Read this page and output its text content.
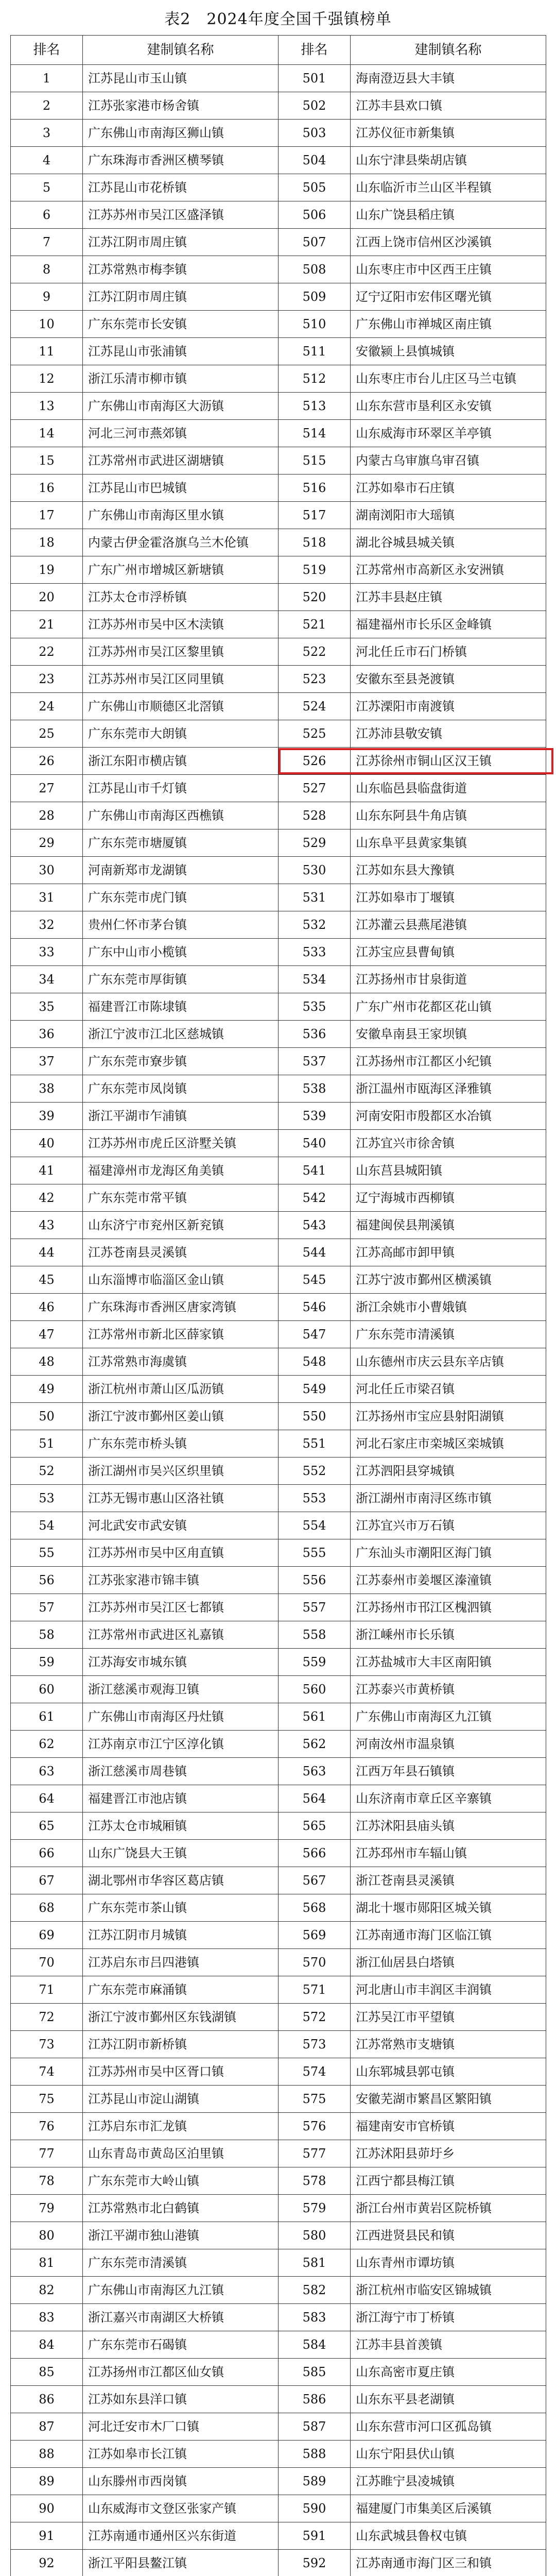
表2　2024年度全国千强镇榜单
排名	建制镇名称	排名	建制镇名称
1	江苏昆山市玉山镇	501	海南澄迈县大丰镇
2	江苏张家港市杨舍镇	502	江苏丰县欢口镇
3	广东佛山市南海区狮山镇	503	江苏仪征市新集镇
4	广东珠海市香洲区横琴镇	504	山东宁津县柴胡店镇
5	江苏昆山市花桥镇	505	山东临沂市兰山区半程镇
6	江苏苏州市吴江区盛泽镇	506	山东广饶县稻庄镇
7	江苏江阴市周庄镇	507	江西上饶市信州区沙溪镇
8	江苏常熟市梅李镇	508	山东枣庄市中区西王庄镇
9	江苏江阴市周庄镇	509	辽宁辽阳市宏伟区曙光镇
10	广东东莞市长安镇	510	广东佛山市禅城区南庄镇
11	江苏昆山市张浦镇	511	安徽颍上县慎城镇
12	浙江乐清市柳市镇	512	山东枣庄市台儿庄区马兰屯镇
13	广东佛山市南海区大沥镇	513	山东东营市垦利区永安镇
14	河北三河市燕郊镇	514	山东威海市环翠区羊亭镇
15	江苏常州市武进区湖塘镇	515	内蒙古乌审旗乌审召镇
16	江苏昆山市巴城镇	516	江苏如皋市石庄镇
17	广东佛山市南海区里水镇	517	湖南浏阳市大瑶镇
18	内蒙古伊金霍洛旗乌兰木伦镇	518	湖北谷城县城关镇
19	广东广州市增城区新塘镇	519	江苏常州市高新区永安洲镇
20	江苏太仓市浮桥镇	520	江苏丰县赵庄镇
21	江苏苏州市吴中区木渎镇	521	福建福州市长乐区金峰镇
22	江苏苏州市吴江区黎里镇	522	河北任丘市石门桥镇
23	江苏苏州市吴江区同里镇	523	安徽东至县尧渡镇
24	广东佛山市顺德区北滘镇	524	江苏溧阳市南渡镇
25	广东东莞市大朗镇	525	江苏沛县敬安镇
26	浙江东阳市横店镇	526	江苏徐州市铜山区汉王镇
27	江苏昆山市千灯镇	527	山东临邑县临盘街道
28	广东佛山市南海区西樵镇	528	山东东阿县牛角店镇
29	广东东莞市塘厦镇	529	山东阜平县黄家集镇
30	河南新郑市龙湖镇	530	江苏如东县大豫镇
31	广东东莞市虎门镇	531	江苏如皋市丁堰镇
32	贵州仁怀市茅台镇	532	江苏灌云县燕尾港镇
33	广东中山市小榄镇	533	江苏宝应县曹甸镇
34	广东东莞市厚街镇	534	江苏扬州市甘泉街道
35	福建晋江市陈埭镇	535	广东广州市花都区花山镇
36	浙江宁波市江北区慈城镇	536	安徽阜南县王家坝镇
37	广东东莞市寮步镇	537	江苏扬州市江都区小纪镇
38	广东东莞市凤岗镇	538	浙江温州市瓯海区泽雅镇
39	浙江平湖市乍浦镇	539	河南安阳市殷都区水冶镇
40	江苏苏州市虎丘区浒墅关镇	540	江苏宜兴市徐舍镇
41	福建漳州市龙海区角美镇	541	山东莒县城阳镇
42	广东东莞市常平镇	542	辽宁海城市西柳镇
43	山东济宁市兖州区新兖镇	543	福建闽侯县荆溪镇
44	江苏苍南县灵溪镇	544	江苏高邮市卸甲镇
45	山东淄博市临淄区金山镇	545	江苏宁波市鄞州区横溪镇
46	广东珠海市香洲区唐家湾镇	546	浙江余姚市小曹娥镇
47	江苏常州市新北区薛家镇	547	广东东莞市清溪镇
48	江苏常熟市海虞镇	548	山东德州市庆云县东辛店镇
49	浙江杭州市萧山区瓜沥镇	549	河北任丘市梁召镇
50	浙江宁波市鄞州区姜山镇	550	江苏扬州市宝应县射阳湖镇
51	广东东莞市桥头镇	551	河北石家庄市栾城区栾城镇
52	浙江湖州市吴兴区织里镇	552	江苏泗阳县穿城镇
53	江苏无锡市惠山区洛社镇	553	浙江湖州市南浔区练市镇
54	河北武安市武安镇	554	江苏宜兴市万石镇
55	江苏苏州市吴中区甪直镇	555	广东汕头市潮阳区海门镇
56	江苏张家港市锦丰镇	556	江苏泰州市姜堰区溱潼镇
57	江苏苏州市吴江区七都镇	557	江苏扬州市邗江区槐泗镇
58	江苏常州市武进区礼嘉镇	558	浙江嵊州市长乐镇
59	江苏海安市城东镇	559	江苏盐城市大丰区南阳镇
60	浙江慈溪市观海卫镇	560	江苏泰兴市黄桥镇
61	广东佛山市南海区丹灶镇	561	广东佛山市南海区九江镇
62	江苏南京市江宁区淳化镇	562	河南汝州市温泉镇
63	浙江慈溪市周巷镇	563	江西万年县石镇镇
64	福建晋江市池店镇	564	山东济南市章丘区辛寨镇
65	江苏太仓市城厢镇	565	江苏沭阳县庙头镇
66	山东广饶县大王镇	566	江苏邳州市车辐山镇
67	湖北鄂州市华容区葛店镇	567	浙江苍南县灵溪镇
68	广东东莞市茶山镇	568	湖北十堰市郧阳区城关镇
69	江苏江阴市月城镇	569	江苏南通市海门区临江镇
70	江苏启东市吕四港镇	570	浙江仙居县白塔镇
71	广东东莞市麻涌镇	571	河北唐山市丰润区丰润镇
72	浙江宁波市鄞州区东钱湖镇	572	江苏吴江市平望镇
73	江苏江阴市新桥镇	573	江苏常熟市支塘镇
74	江苏苏州市吴中区胥口镇	574	山东郓城县郭屯镇
75	江苏昆山市淀山湖镇	575	安徽芜湖市繁昌区繁阳镇
76	江苏启东市汇龙镇	576	福建南安市官桥镇
77	山东青岛市黄岛区泊里镇	577	江苏沭阳县茆圩乡
78	广东东莞市大岭山镇	578	江西宁都县梅江镇
79	江苏常熟市北白鹤镇	579	浙江台州市黄岩区院桥镇
80	浙江平湖市独山港镇	580	江西进贤县民和镇
81	广东东莞市清溪镇	581	山东青州市谭坊镇
82	广东佛山市南海区九江镇	582	浙江杭州市临安区锦城镇
83	浙江嘉兴市南湖区大桥镇	583	浙江海宁市丁桥镇
84	广东东莞市石碣镇	584	江苏丰县首羡镇
85	江苏扬州市江都区仙女镇	585	山东高密市夏庄镇
86	江苏如东县洋口镇	586	山东东平县老湖镇
87	河北迁安市木厂口镇	587	山东东营市河口区孤岛镇
88	江苏如皋市长江镇	588	山东宁阳县伏山镇
89	山东滕州市西岗镇	589	江苏睢宁县凌城镇
90	山东威海市文登区张家产镇	590	福建厦门市集美区后溪镇
91	江苏南通市通州区兴东街道	591	山东武城县鲁权屯镇
92	浙江平阳县鳌江镇	592	江苏南通市海门区三和镇
